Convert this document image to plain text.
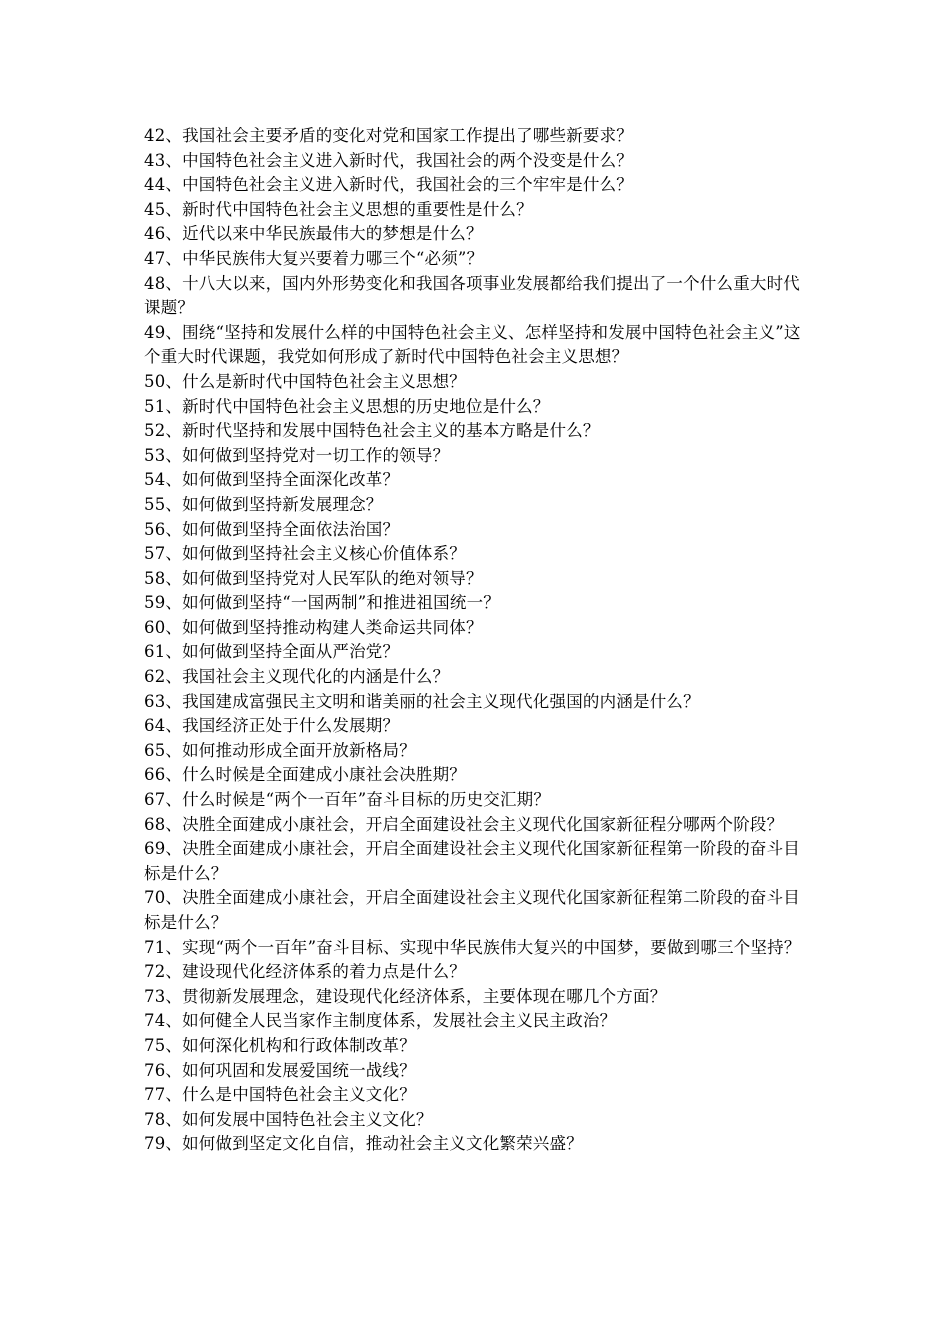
42、我国社会主要矛盾的变化对党和国家工作提出了哪些新要求？
43、中国特色社会主义进入新时代，我国社会的两个没变是什么？
44、中国特色社会主义进入新时代，我国社会的三个牢牢是什么？
45、新时代中国特色社会主义思想的重要性是什么？
46、近代以来中华民族最伟大的梦想是什么？
47、中华民族伟大复兴要着力哪三个“必须”？
48、十八大以来，国内外形势变化和我国各项事业发展都给我们提出了一个什么重大时代课题？
49、围绕“坚持和发展什么样的中国特色社会主义、怎样坚持和发展中国特色社会主义”这个重大时代课题，我党如何形成了新时代中国特色社会主义思想？
50、什么是新时代中国特色社会主义思想？
51、新时代中国特色社会主义思想的历史地位是什么？
52、新时代坚持和发展中国特色社会主义的基本方略是什么？
53、如何做到坚持党对一切工作的领导？
54、如何做到坚持全面深化改革？
55、如何做到坚持新发展理念？
56、如何做到坚持全面依法治国？
57、如何做到坚持社会主义核心价值体系？
58、如何做到坚持党对人民军队的绝对领导？
59、如何做到坚持“一国两制”和推进祖国统一？
60、如何做到坚持推动构建人类命运共同体？
61、如何做到坚持全面从严治党？
62、我国社会主义现代化的内涵是什么？
63、我国建成富强民主文明和谐美丽的社会主义现代化强国的内涵是什么？
64、我国经济正处于什么发展期？
65、如何推动形成全面开放新格局？
66、什么时候是全面建成小康社会决胜期？
67、什么时候是“两个一百年”奋斗目标的历史交汇期？
68、决胜全面建成小康社会，开启全面建设社会主义现代化国家新征程分哪两个阶段？
69、决胜全面建成小康社会，开启全面建设社会主义现代化国家新征程第一阶段的奋斗目标是什么？
70、决胜全面建成小康社会，开启全面建设社会主义现代化国家新征程第二阶段的奋斗目标是什么？
71、实现“两个一百年”奋斗目标、实现中华民族伟大复兴的中国梦，要做到哪三个坚持？
72、建设现代化经济体系的着力点是什么？
73、贯彻新发展理念，建设现代化经济体系，主要体现在哪几个方面？
74、如何健全人民当家作主制度体系，发展社会主义民主政治？
75、如何深化机构和行政体制改革？
76、如何巩固和发展爱国统一战线？
77、什么是中国特色社会主义文化？
78、如何发展中国特色社会主义文化？
79、如何做到坚定文化自信，推动社会主义文化繁荣兴盛？
